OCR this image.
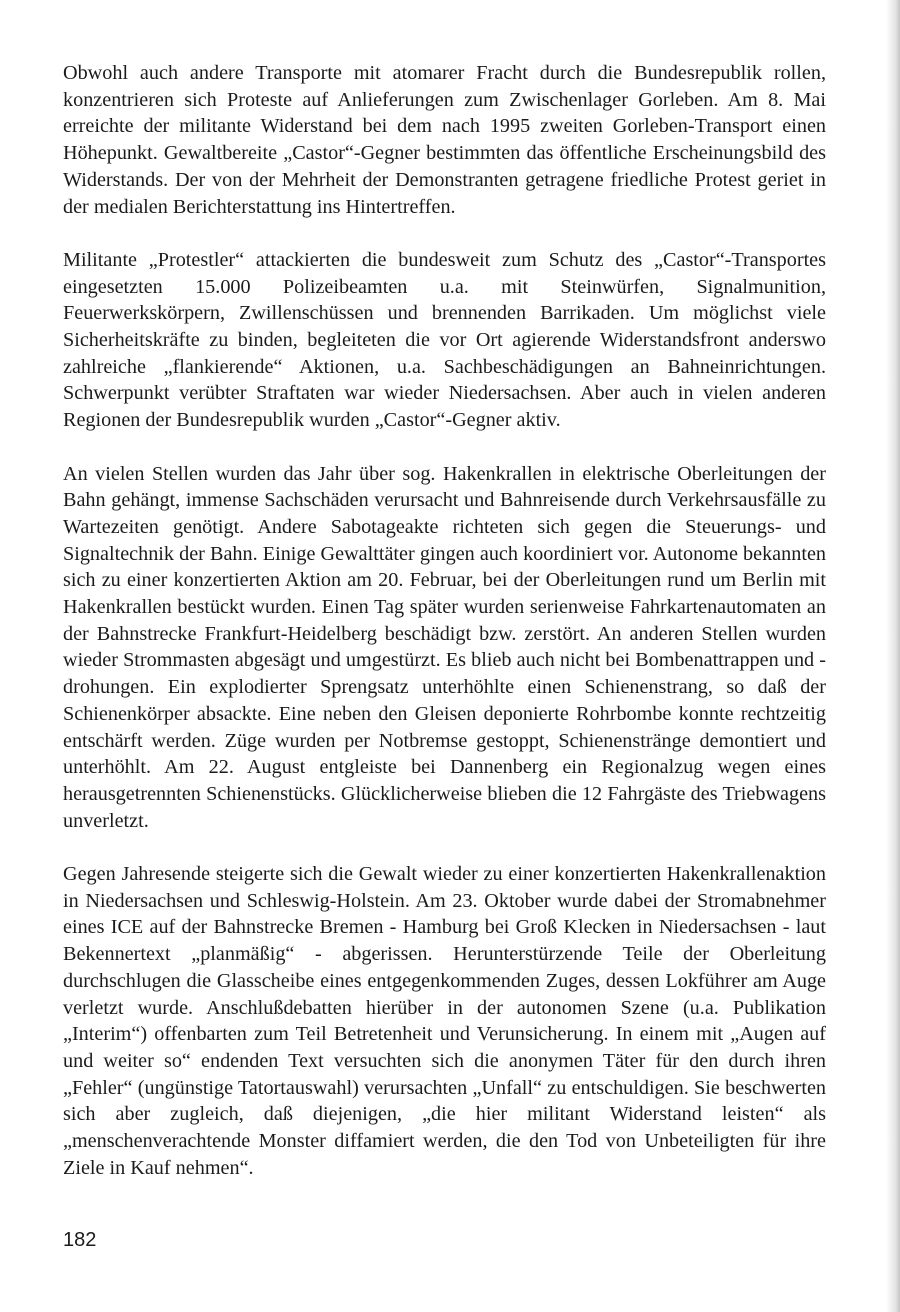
Obwohl auch andere Transporte mit atomarer Fracht durch die Bundesrepublik rollen, konzentrieren sich Proteste auf Anlieferungen zum Zwischenlager Gorleben. Am 8. Mai erreichte der militante Widerstand bei dem nach 1995 zweiten Gorleben-Transport einen Höhepunkt. Gewaltbereite „Castor“-Gegner bestimmten das öffentliche Erscheinungsbild des Widerstands. Der von der Mehrheit der Demonstranten getragene friedliche Protest geriet in der medialen Berichterstattung ins Hintertreffen.

Militante „Protestler“ attackierten die bundesweit zum Schutz des „Castor“-Transportes eingesetzten 15.000 Polizeibeamten u.a. mit Steinwürfen, Signalmunition, Feuerwerkskörpern, Zwillenschüssen und brennenden Barrikaden. Um möglichst viele Sicherheitskräfte zu binden, begleiteten die vor Ort agierende Widerstandsfront anderswo zahlreiche „flankierende“ Aktionen, u.a. Sachbeschädigungen an Bahneinrichtungen. Schwerpunkt verübter Straftaten war wieder Niedersachsen. Aber auch in vielen anderen Regionen der Bundesrepublik wurden „Castor“-Gegner aktiv.

An vielen Stellen wurden das Jahr über sog. Hakenkrallen in elektrische Oberleitungen der Bahn gehängt, immense Sachschäden verursacht und Bahnreisende durch Verkehrsausfälle zu Wartezeiten genötigt. Andere Sabotageakte richteten sich gegen die Steuerungs- und Signaltechnik der Bahn. Einige Gewalttäter gingen auch koordiniert vor. Autonome bekannten sich zu einer konzertierten Aktion am 20. Februar, bei der Oberleitungen rund um Berlin mit Hakenkrallen bestückt wurden. Einen Tag später wurden serienweise Fahrkartenautomaten an der Bahnstrecke Frankfurt-Heidelberg beschädigt bzw. zerstört. An anderen Stellen wurden wieder Strommasten abgesägt und umgestürzt. Es blieb auch nicht bei Bombenattrappen und -drohungen. Ein explodierter Sprengsatz unterhöhlte einen Schienenstrang, so daß der Schienenkörper absackte. Eine neben den Gleisen deponierte Rohrbombe konnte rechtzeitig entschärft werden. Züge wurden per Notbremse gestoppt, Schienenstränge demontiert und unterhöhlt. Am 22. August entgleiste bei Dannenberg ein Regionalzug wegen eines herausgetrennten Schienenstücks. Glücklicherweise blieben die 12 Fahrgäste des Triebwagens unverletzt.

Gegen Jahresende steigerte sich die Gewalt wieder zu einer konzertierten Hakenkrallenaktion in Niedersachsen und Schleswig-Holstein. Am 23. Oktober wurde dabei der Stromabnehmer eines ICE auf der Bahnstrecke Bremen - Hamburg bei Groß Klecken in Niedersachsen - laut Bekennertext „planmäßig“ - abgerissen. Herunterstürzende Teile der Oberleitung durchschlugen die Glasscheibe eines entgegenkommenden Zuges, dessen Lokführer am Auge verletzt wurde. Anschlußdebatten hierüber in der autonomen Szene (u.a. Publikation „Interim“) offenbarten zum Teil Betretenheit und Verunsicherung. In einem mit „Augen auf und weiter so“ endenden Text versuchten sich die anonymen Täter für den durch ihren „Fehler“ (ungünstige Tatortauswahl) verursachten „Unfall“ zu entschuldigen. Sie beschwerten sich aber zugleich, daß diejenigen, „die hier militant Widerstand leisten“ als „menschenverachtende Monster diffamiert werden, die den Tod von Unbeteiligten für ihre Ziele in Kauf nehmen“.

182
